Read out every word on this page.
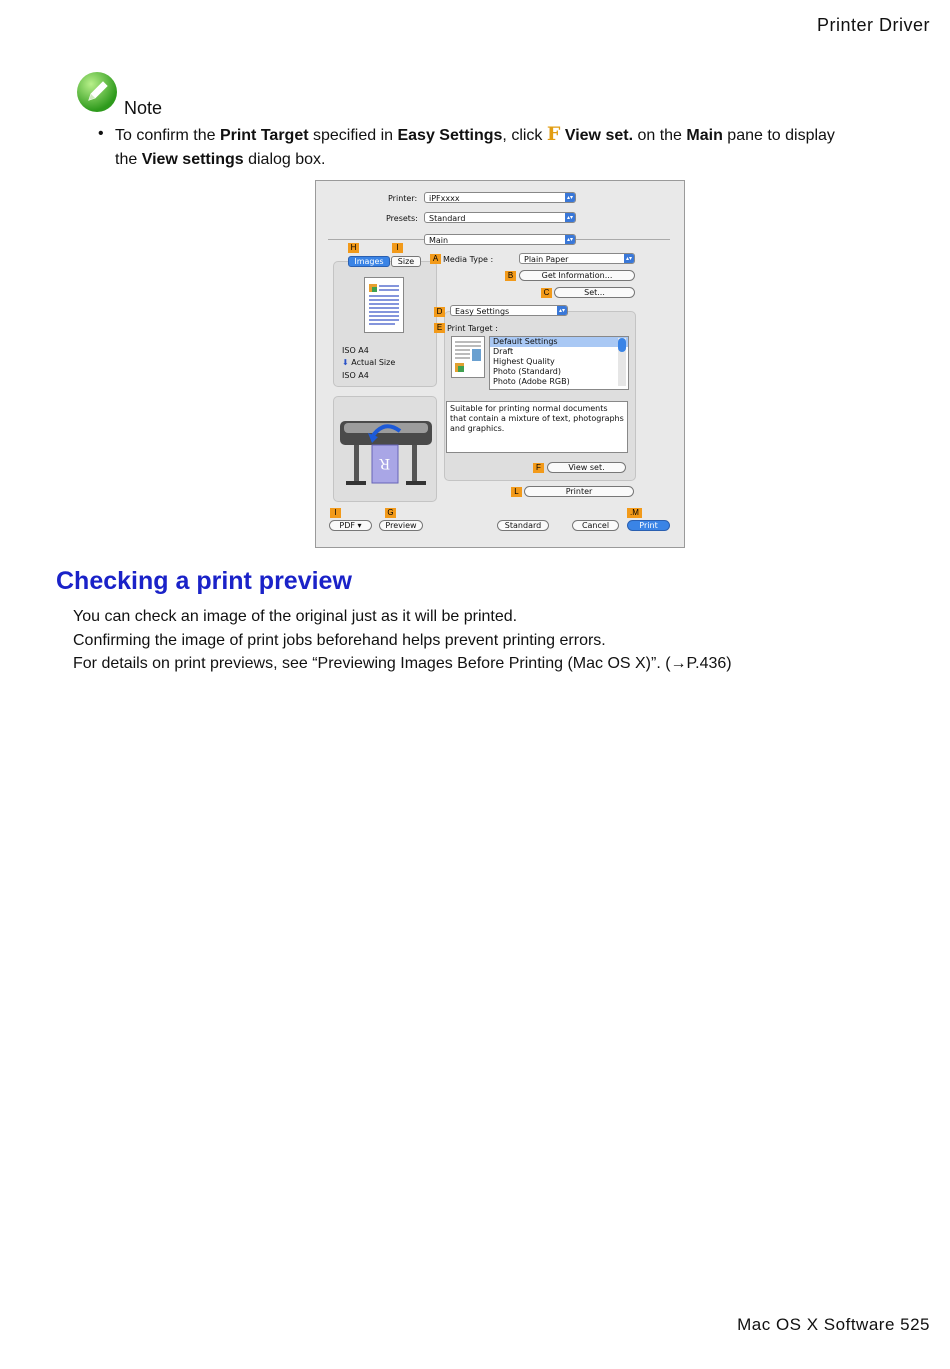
Printer Driver
Note
• To confirm the Print Target specified in Easy Settings, click F View set. on the Main pane to display
the View settings dialog box.
Printer:	iPFxxxx	▴▾
Presets:	Standard	▴▾
Main	▴▾
H	I
Images	Size
ISO A4
⬇ Actual Size
ISO A4
R
A Media Type :	Plain Paper	▴▾
B	Get Information...
C	Set...
D	Easy Settings	▴▾
E Print Target :
Default Settings
Draft
Highest Quality
Photo (Standard)
Photo (Adobe RGB)
Suitable for printing normal documents that contain a mixture of text, photographs and graphics.
F	View set.
L	Printer
I	G	.M
PDF ▾	Preview	Standard	Cancel	Print
Checking a print preview
You can check an image of the original just as it will be printed.
Confirming the image of print jobs beforehand helps prevent printing errors.
For details on print previews, see “Previewing Images Before Printing (Mac OS X)”. (→P.436)
Mac OS X Software 525
